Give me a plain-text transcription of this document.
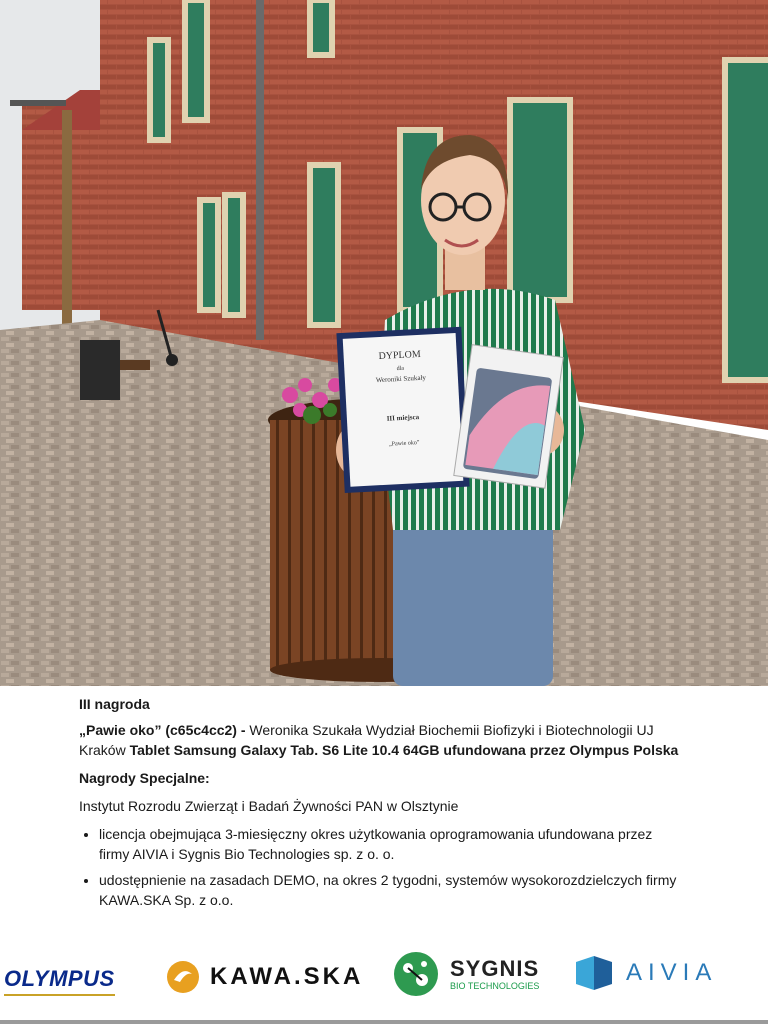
DYPLOM
dla
Weroniki Szukały
III miejsca
„Pawie oko”

III nagroda

„Pawie oko” (c65c4cc2) - Weronika Szukała Wydział Biochemii Biofizyki i Biotechnologii UJ Kraków Tablet Samsung Galaxy Tab. S6 Lite 10.4 64GB ufundowana przez Olympus Polska

Nagrody Specjalne:

Instytut Rozrodu Zwierząt i Badań Żywności PAN w Olsztynie

• licencja obejmująca 3-miesięczny okres użytkowania oprogramowania ufundowana przez firmy AIVIA i Sygnis Bio Technologies sp. z o. o.
• udostępnienie na zasadach DEMO, na okres 2 tygodni, systemów wysokorozdzielczych firmy KAWA.SKA Sp. z o.o.
OLYMPUS	KAWA.SKA	SYGNIS
BIO TECHNOLOGIES	AIVIA
